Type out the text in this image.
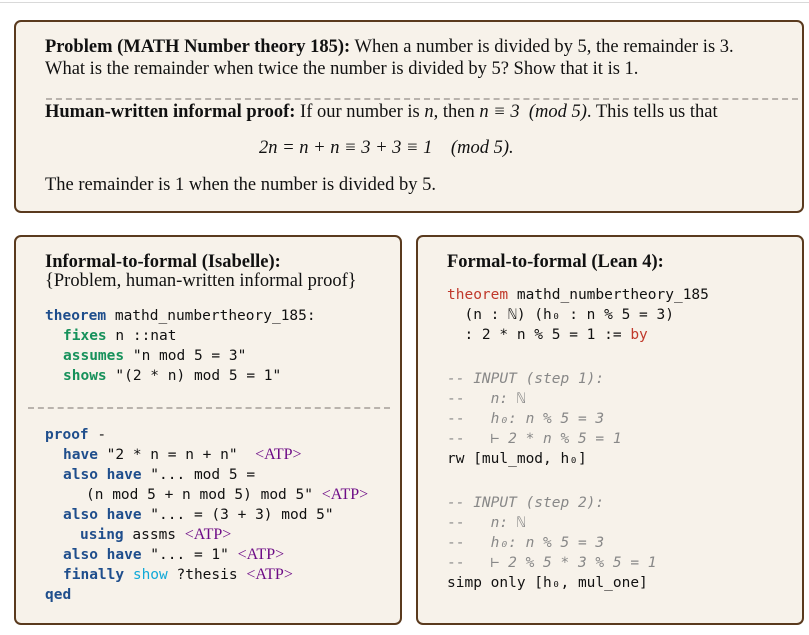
Problem (MATH Number theory 185): When a number is divided by 5, the remainder is 3.
What is the remainder when twice the number is divided by 5? Show that it is 1.
Human-written informal proof: If our number is n, then n ≡ 3  (mod 5). This tells us that
2n = n + n ≡ 3 + 3 ≡ 1    (mod 5).
The remainder is 1 when the number is divided by 5.
Informal-to-formal (Isabelle):
{Problem, human-written informal proof}
theorem mathd_numbertheory_185:
fixes n ::nat
assumes "n mod 5 = 3"
shows "(2 * n) mod 5 = 1"
proof -
have "2 * n = n + n"  <ATP>
also have "... mod 5 =
(n mod 5 + n mod 5) mod 5" <ATP>
also have "... = (3 + 3) mod 5"
using assms <ATP>
also have "... = 1" <ATP>
finally show ?thesis <ATP>
qed
Formal-to-formal (Lean 4):
theorem mathd_numbertheory_185
(n : ℕ) (h₀ : n % 5 = 3)
: 2 * n % 5 = 1 := by
-- INPUT (step 1):
--   n: ℕ
--   h₀: n % 5 = 3
--   ⊢ 2 * n % 5 = 1
rw [mul_mod, h₀]
-- INPUT (step 2):
--   n: ℕ
--   h₀: n % 5 = 3
--   ⊢ 2 % 5 * 3 % 5 = 1
simp only [h₀, mul_one]
